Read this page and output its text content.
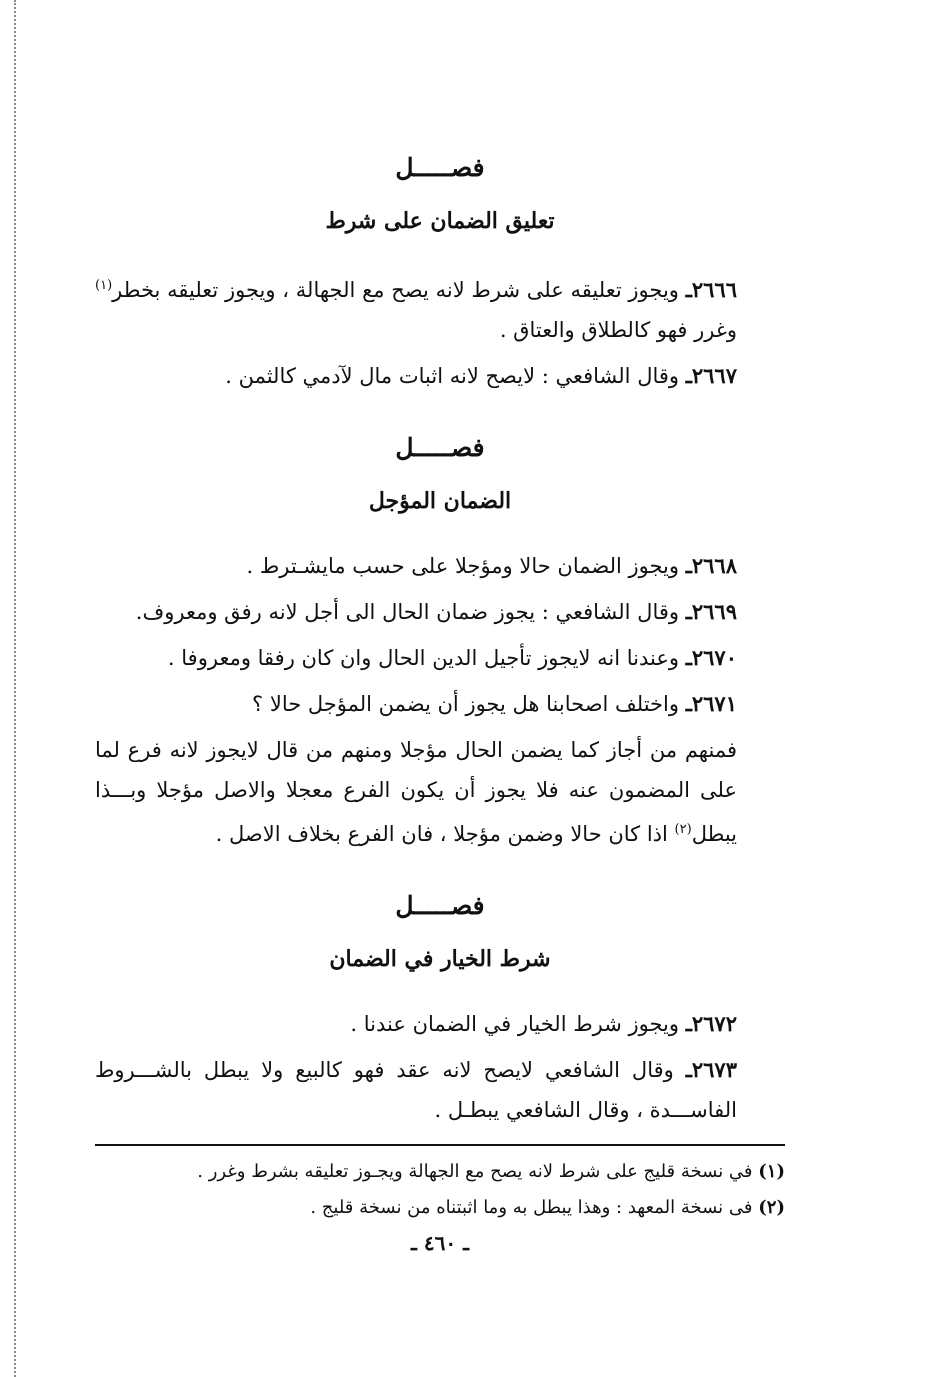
فصـــــل
تعليق الضمان على شرط

٢٦٦٦ـ ويجوز تعليقه على شرط لانه يصح مع الجهالة ، ويجوز تعليقه بخطر$^{(١)}$ وغرر فهو كالطلاق والعتاق .

٢٦٦٧ـ وقال الشافعي : لايصح لانه اثبات مال لآدمي كالثمن .

فصـــــل
الضمان المؤجل

٢٦٦٨ـ ويجوز الضمان حالا ومؤجلا على حسب مايشـترط .

٢٦٦٩ـ وقال الشافعي : يجوز ضمان الحال الى أجل لانه رفق ومعروف.

٢٦٧٠ـ وعندنا انه لايجوز تأجيل الدين الحال وان كان رفقا ومعروفا .

٢٦٧١ـ واختلف اصحابنا هل يجوز أن يضمن المؤجل حالا ؟

فمنهم من أجاز كما يضمن الحال مؤجلا ومنهم من قال لايجوز لانه فرع لما على المضمون عنه فلا يجوز أن يكون الفرع معجلا والاصل مؤجلا وبـــذا يبطل$^{(٢)}$ اذا كان حالا وضمن مؤجلا ، فان الفرع بخلاف الاصل .

فصـــــل
شرط الخيار في الضمان

٢٦٧٢ـ ويجوز شرط الخيار في الضمان عندنا .

٢٦٧٣ـ وقال الشافعي لايصح لانه عقد فهو كالبيع ولا يبطل بالشـــروط الفاســـدة ، وقال الشافعي يبطـل .

(١) في نسخة قليج على شرط لانه يصح مع الجهالة ويجـوز تعليقه بشرط وغرر .

(٢) فى نسخة المعهد : وهذا يبطل به وما اثبتناه من نسخة قليج .

ـ ٤٦٠ ـ
